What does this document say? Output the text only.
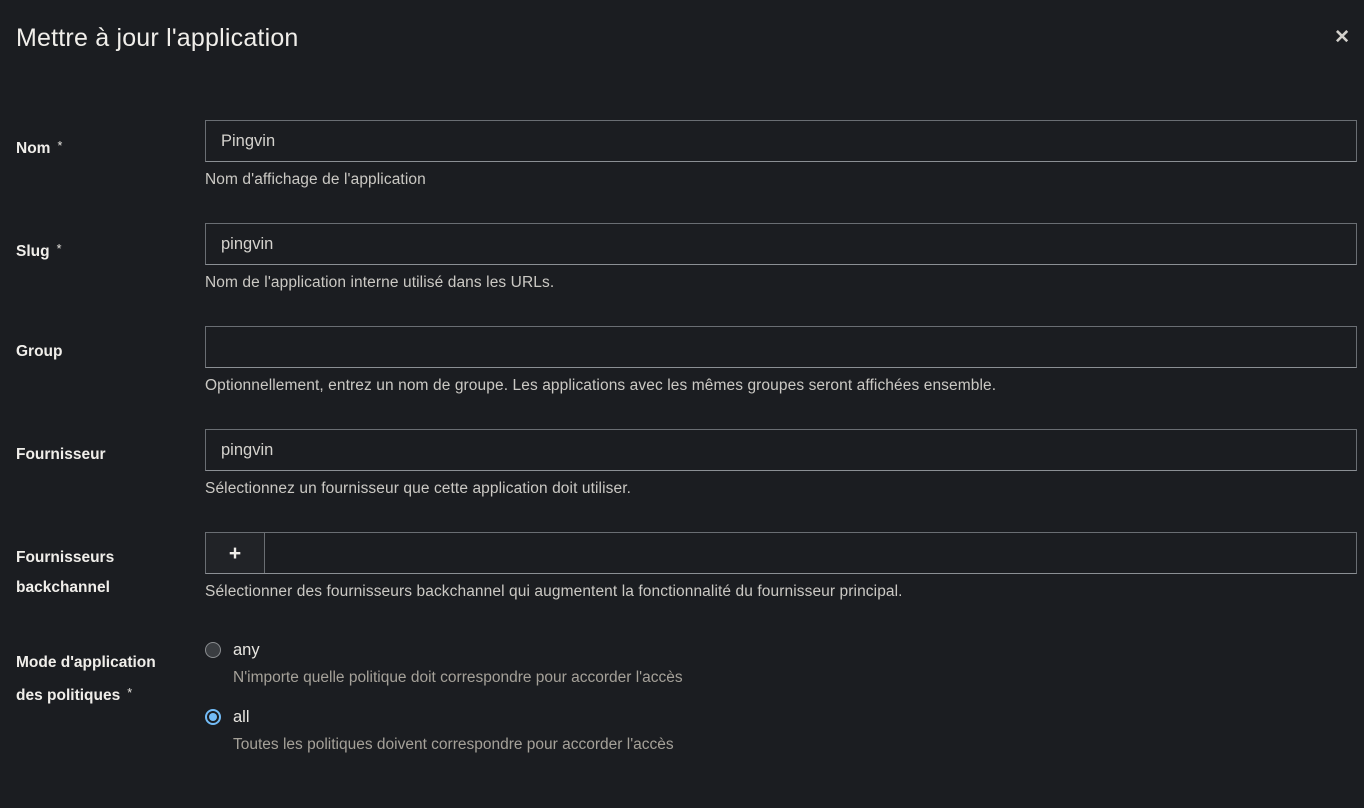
Mettre à jour l'application	✕
Nom *
Pingvin
Nom d'affichage de l'application
Slug *
pingvin
Nom de l'application interne utilisé dans les URLs.
Group
Optionnellement, entrez un nom de groupe. Les applications avec les mêmes groupes seront affichées ensemble.
Fournisseur
pingvin
Sélectionnez un fournisseur que cette application doit utiliser.
Fournisseurs
backchannel
+
Sélectionner des fournisseurs backchannel qui augmentent la fonctionnalité du fournisseur principal.
Mode d'application
des politiques *
any
N'importe quelle politique doit correspondre pour accorder l'accès
all
Toutes les politiques doivent correspondre pour accorder l'accès
